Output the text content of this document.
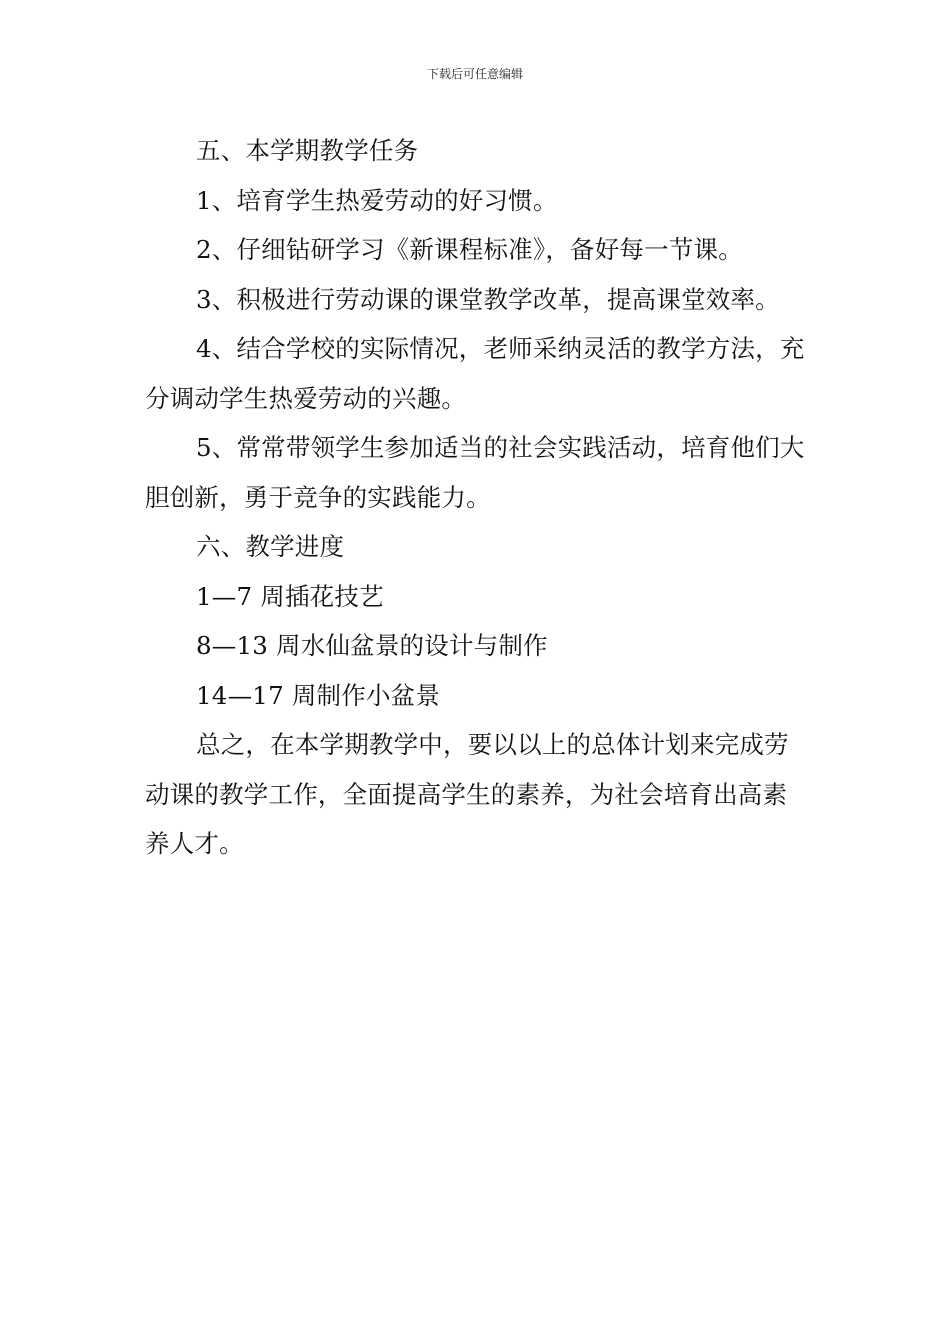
下载后可任意编辑

五、本学期教学任务

1、培育学生热爱劳动的好习惯。

2、仔细钻研学习《新课程标准》，备好每一节课。

3、积极进行劳动课的课堂教学改革，提高课堂效率。

4、结合学校的实际情况，老师采纳灵活的教学方法，充分调动学生热爱劳动的兴趣。

5、常常带领学生参加适当的社会实践活动，培育他们大胆创新，勇于竞争的实践能力。

六、教学进度

1—7 周插花技艺

8—13 周水仙盆景的设计与制作

14—17 周制作小盆景

总之，在本学期教学中，要以以上的总体计划来完成劳动课的教学工作，全面提高学生的素养，为社会培育出高素养人才。
